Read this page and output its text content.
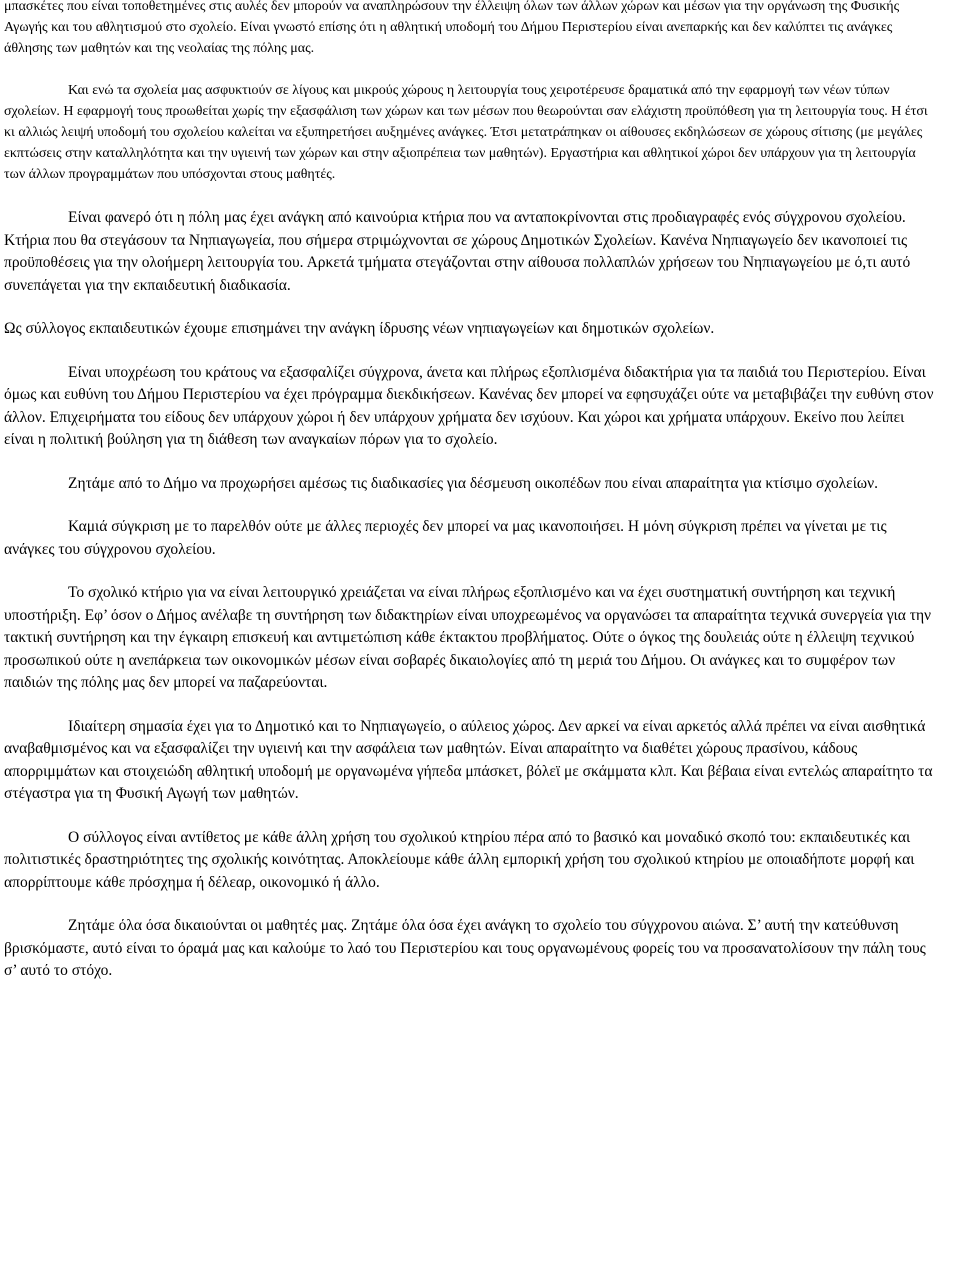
μπασκέτες που είναι τοποθετημένες στις αυλές δεν μπορούν να αναπληρώσουν την έλλειψη όλων των άλλων χώρων και μέσων για την οργάνωση της Φυσικής Αγωγής και του αθλητισμού στο σχολείο. Είναι γνωστό επίσης ότι η αθλητική υποδομή του Δήμου Περιστερίου είναι ανεπαρκής και δεν καλύπτει τις ανάγκες άθλησης των μαθητών και της νεολαίας της πόλης μας.

Και ενώ τα σχολεία μας ασφυκτιούν σε λίγους και μικρούς χώρους η λειτουργία τους χειροτέρευσε δραματικά από την εφαρμογή των νέων τύπων σχολείων. Η εφαρμογή τους προωθείται χωρίς την εξασφάλιση των χώρων και των μέσων που θεωρούνται σαν ελάχιστη προϋπόθεση για τη λειτουργία τους. Η έτσι κι αλλιώς λειψή υποδομή του σχολείου καλείται να εξυπηρετήσει αυξημένες ανάγκες. Έτσι μετατράπηκαν οι αίθουσες εκδηλώσεων σε χώρους σίτισης (με μεγάλες εκπτώσεις στην καταλληλότητα και την υγιεινή των χώρων και στην αξιοπρέπεια των μαθητών). Εργαστήρια και αθλητικοί χώροι δεν υπάρχουν για τη λειτουργία των άλλων προγραμμάτων που υπόσχονται στους μαθητές.

Είναι φανερό ότι η πόλη μας έχει ανάγκη από καινούρια κτήρια που να ανταποκρίνονται στις προδιαγραφές ενός σύγχρονου σχολείου. Κτήρια που θα στεγάσουν τα Νηπιαγωγεία, που σήμερα στριμώχνονται σε χώρους Δημοτικών Σχολείων. Κανένα Νηπιαγωγείο δεν ικανοποιεί τις προϋποθέσεις για την ολοήμερη λειτουργία του. Αρκετά τμήματα στεγάζονται στην αίθουσα πολλαπλών χρήσεων του Νηπιαγωγείου με ό,τι αυτό συνεπάγεται για την εκπαιδευτική διαδικασία.

Ως σύλλογος εκπαιδευτικών έχουμε επισημάνει την ανάγκη ίδρυσης νέων νηπιαγωγείων και δημοτικών σχολείων.

Είναι υποχρέωση του κράτους να εξασφαλίζει σύγχρονα, άνετα και πλήρως εξοπλισμένα διδακτήρια για τα παιδιά του Περιστερίου. Είναι όμως και ευθύνη του Δήμου Περιστερίου να έχει πρόγραμμα διεκδικήσεων. Κανένας δεν μπορεί να εφησυχάζει ούτε να μεταβιβάζει την ευθύνη στον άλλον. Επιχειρήματα του είδους δεν υπάρχουν χώροι ή δεν υπάρχουν χρήματα δεν ισχύουν. Και χώροι και χρήματα υπάρχουν. Εκείνο που λείπει είναι η πολιτική βούληση για τη διάθεση των αναγκαίων πόρων για το σχολείο.

Ζητάμε από το Δήμο να προχωρήσει αμέσως τις διαδικασίες για δέσμευση οικοπέδων που είναι απαραίτητα για κτίσιμο σχολείων.

Καμιά σύγκριση με το παρελθόν ούτε με άλλες περιοχές δεν μπορεί να μας ικανοποιήσει. Η μόνη σύγκριση πρέπει να γίνεται με τις ανάγκες του σύγχρονου σχολείου.

Το σχολικό κτήριο για να είναι λειτουργικό χρειάζεται να είναι πλήρως εξοπλισμένο και να έχει συστηματική συντήρηση και τεχνική υποστήριξη. Εφ’ όσον ο Δήμος ανέλαβε τη συντήρηση των διδακτηρίων είναι υποχρεωμένος να οργανώσει τα απαραίτητα τεχνικά συνεργεία για την τακτική συντήρηση και την έγκαιρη επισκευή και αντιμετώπιση κάθε έκτακτου προβλήματος. Ούτε ο όγκος της δουλειάς ούτε η έλλειψη τεχνικού προσωπικού ούτε η ανεπάρκεια των οικονομικών μέσων είναι σοβαρές δικαιολογίες από τη μεριά του Δήμου. Οι ανάγκες και το συμφέρον των παιδιών της πόλης μας δεν μπορεί να παζαρεύονται.

Ιδιαίτερη σημασία έχει για το Δημοτικό και το Νηπιαγωγείο, ο αύλειος χώρος. Δεν αρκεί να είναι αρκετός αλλά πρέπει να είναι αισθητικά αναβαθμισμένος και να εξασφαλίζει την υγιεινή και την ασφάλεια των μαθητών. Είναι απαραίτητο να διαθέτει χώρους πρασίνου, κάδους απορριμμάτων και στοιχειώδη αθλητική υποδομή με οργανωμένα γήπεδα μπάσκετ, βόλεϊ με σκάμματα κλπ. Και βέβαια είναι εντελώς απαραίτητο τα στέγαστρα για τη Φυσική Αγωγή των μαθητών.

Ο σύλλογος είναι αντίθετος με κάθε άλλη χρήση του σχολικού κτηρίου πέρα από το βασικό και μοναδικό σκοπό του: εκπαιδευτικές και πολιτιστικές δραστηριότητες της σχολικής κοινότητας. Αποκλείουμε κάθε άλλη εμπορική χρήση του σχολικού κτηρίου με οποιαδήποτε μορφή και απορρίπτουμε κάθε πρόσχημα ή δέλεαρ, οικονομικό ή άλλο.

Ζητάμε όλα όσα δικαιούνται οι μαθητές μας. Ζητάμε όλα όσα έχει ανάγκη το σχολείο του σύγχρονου αιώνα. Σ’ αυτή την κατεύθυνση βρισκόμαστε, αυτό είναι το όραμά μας και καλούμε το λαό του Περιστερίου και τους οργανωμένους φορείς του να προσανατολίσουν την πάλη τους σ’ αυτό το στόχο.
